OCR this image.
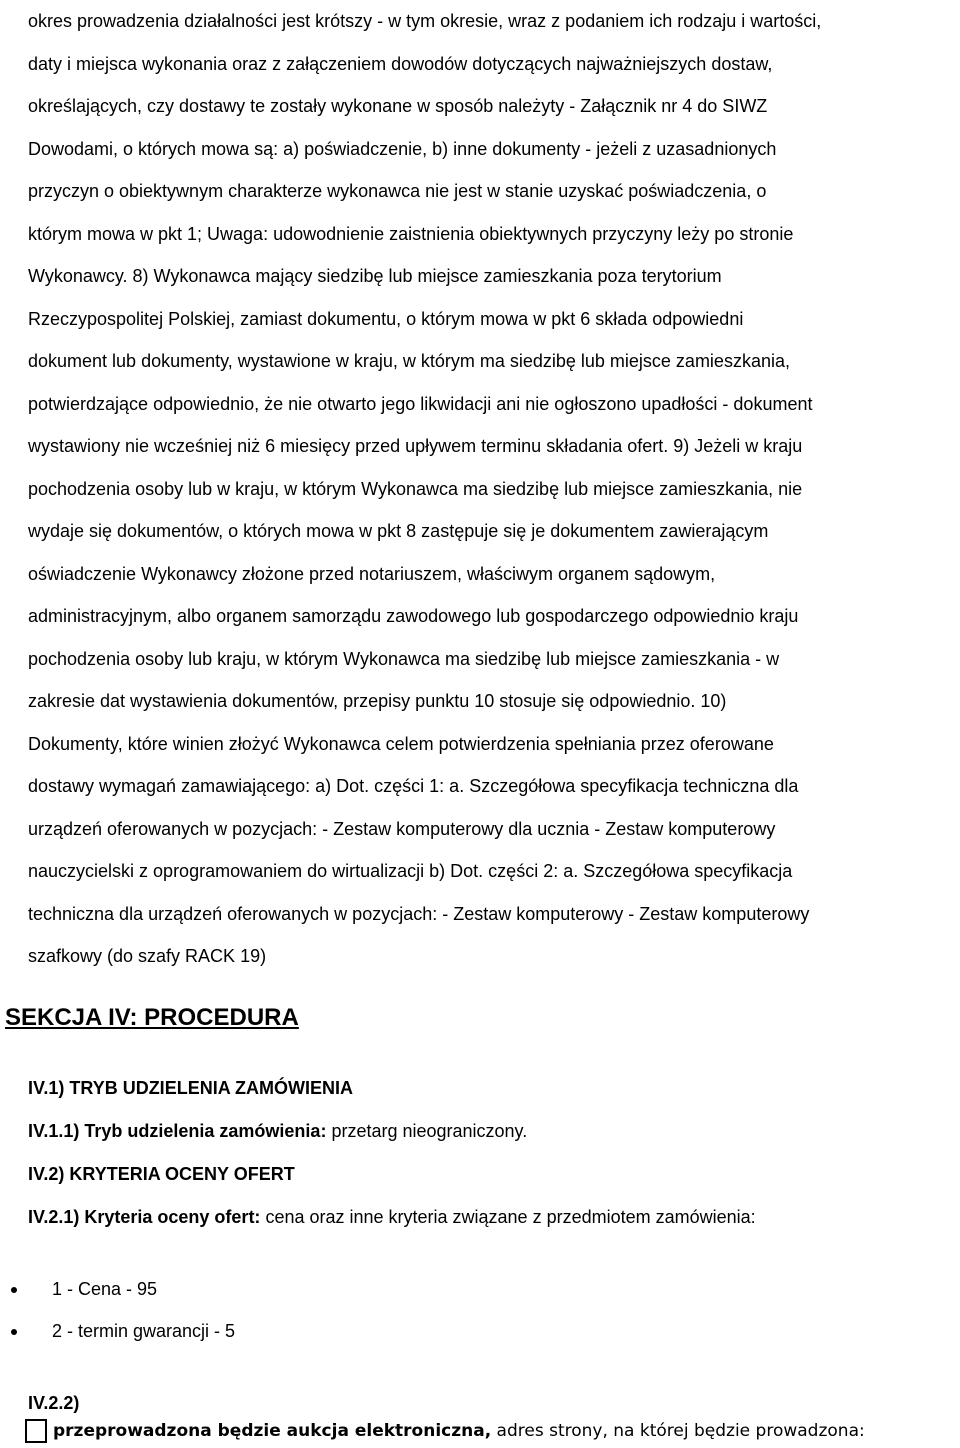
okres prowadzenia działalności jest krótszy - w tym okresie, wraz z podaniem ich rodzaju i wartości,
daty i miejsca wykonania oraz z załączeniem dowodów dotyczących najważniejszych dostaw,
określających, czy dostawy te zostały wykonane w sposób należyty - Załącznik nr 4 do SIWZ
Dowodami, o których mowa są: a) poświadczenie, b) inne dokumenty - jeżeli z uzasadnionych
przyczyn o obiektywnym charakterze wykonawca nie jest w stanie uzyskać poświadczenia, o
którym mowa w pkt 1; Uwaga: udowodnienie zaistnienia obiektywnych przyczyny leży po stronie
Wykonawcy. 8) Wykonawca mający siedzibę lub miejsce zamieszkania poza terytorium
Rzeczypospolitej Polskiej, zamiast dokumentu, o którym mowa w pkt 6 składa odpowiedni
dokument lub dokumenty, wystawione w kraju, w którym ma siedzibę lub miejsce zamieszkania,
potwierdzające odpowiednio, że nie otwarto jego likwidacji ani nie ogłoszono upadłości - dokument
wystawiony nie wcześniej niż 6 miesięcy przed upływem terminu składania ofert. 9) Jeżeli w kraju
pochodzenia osoby lub w kraju, w którym Wykonawca ma siedzibę lub miejsce zamieszkania, nie
wydaje się dokumentów, o których mowa w pkt 8 zastępuje się je dokumentem zawierającym
oświadczenie Wykonawcy złożone przed notariuszem, właściwym organem sądowym,
administracyjnym, albo organem samorządu zawodowego lub gospodarczego odpowiednio kraju
pochodzenia osoby lub kraju, w którym Wykonawca ma siedzibę lub miejsce zamieszkania - w
zakresie dat wystawienia dokumentów, przepisy punktu 10 stosuje się odpowiednio. 10)
Dokumenty, które winien złożyć Wykonawca celem potwierdzenia spełniania przez oferowane
dostawy wymagań zamawiającego: a) Dot. części 1: a. Szczegółowa specyfikacja techniczna dla
urządzeń oferowanych w pozycjach: - Zestaw komputerowy dla ucznia - Zestaw komputerowy
nauczycielski z oprogramowaniem do wirtualizacji b) Dot. części 2: a. Szczegółowa specyfikacja
techniczna dla urządzeń oferowanych w pozycjach: - Zestaw komputerowy - Zestaw komputerowy
szafkowy (do szafy RACK 19)
SEKCJA IV: PROCEDURA

IV.1) TRYB UDZIELENIA ZAMÓWIENIA

IV.1.1) Tryb udzielenia zamówienia: przetarg nieograniczony.

IV.2) KRYTERIA OCENY OFERT

IV.2.1) Kryteria oceny ofert: cena oraz inne kryteria związane z przedmiotem zamówienia:

1 - Cena - 95
2 - termin gwarancji - 5

IV.2.2)

przeprowadzona będzie aukcja elektroniczna, adres strony, na której będzie prowadzona:
